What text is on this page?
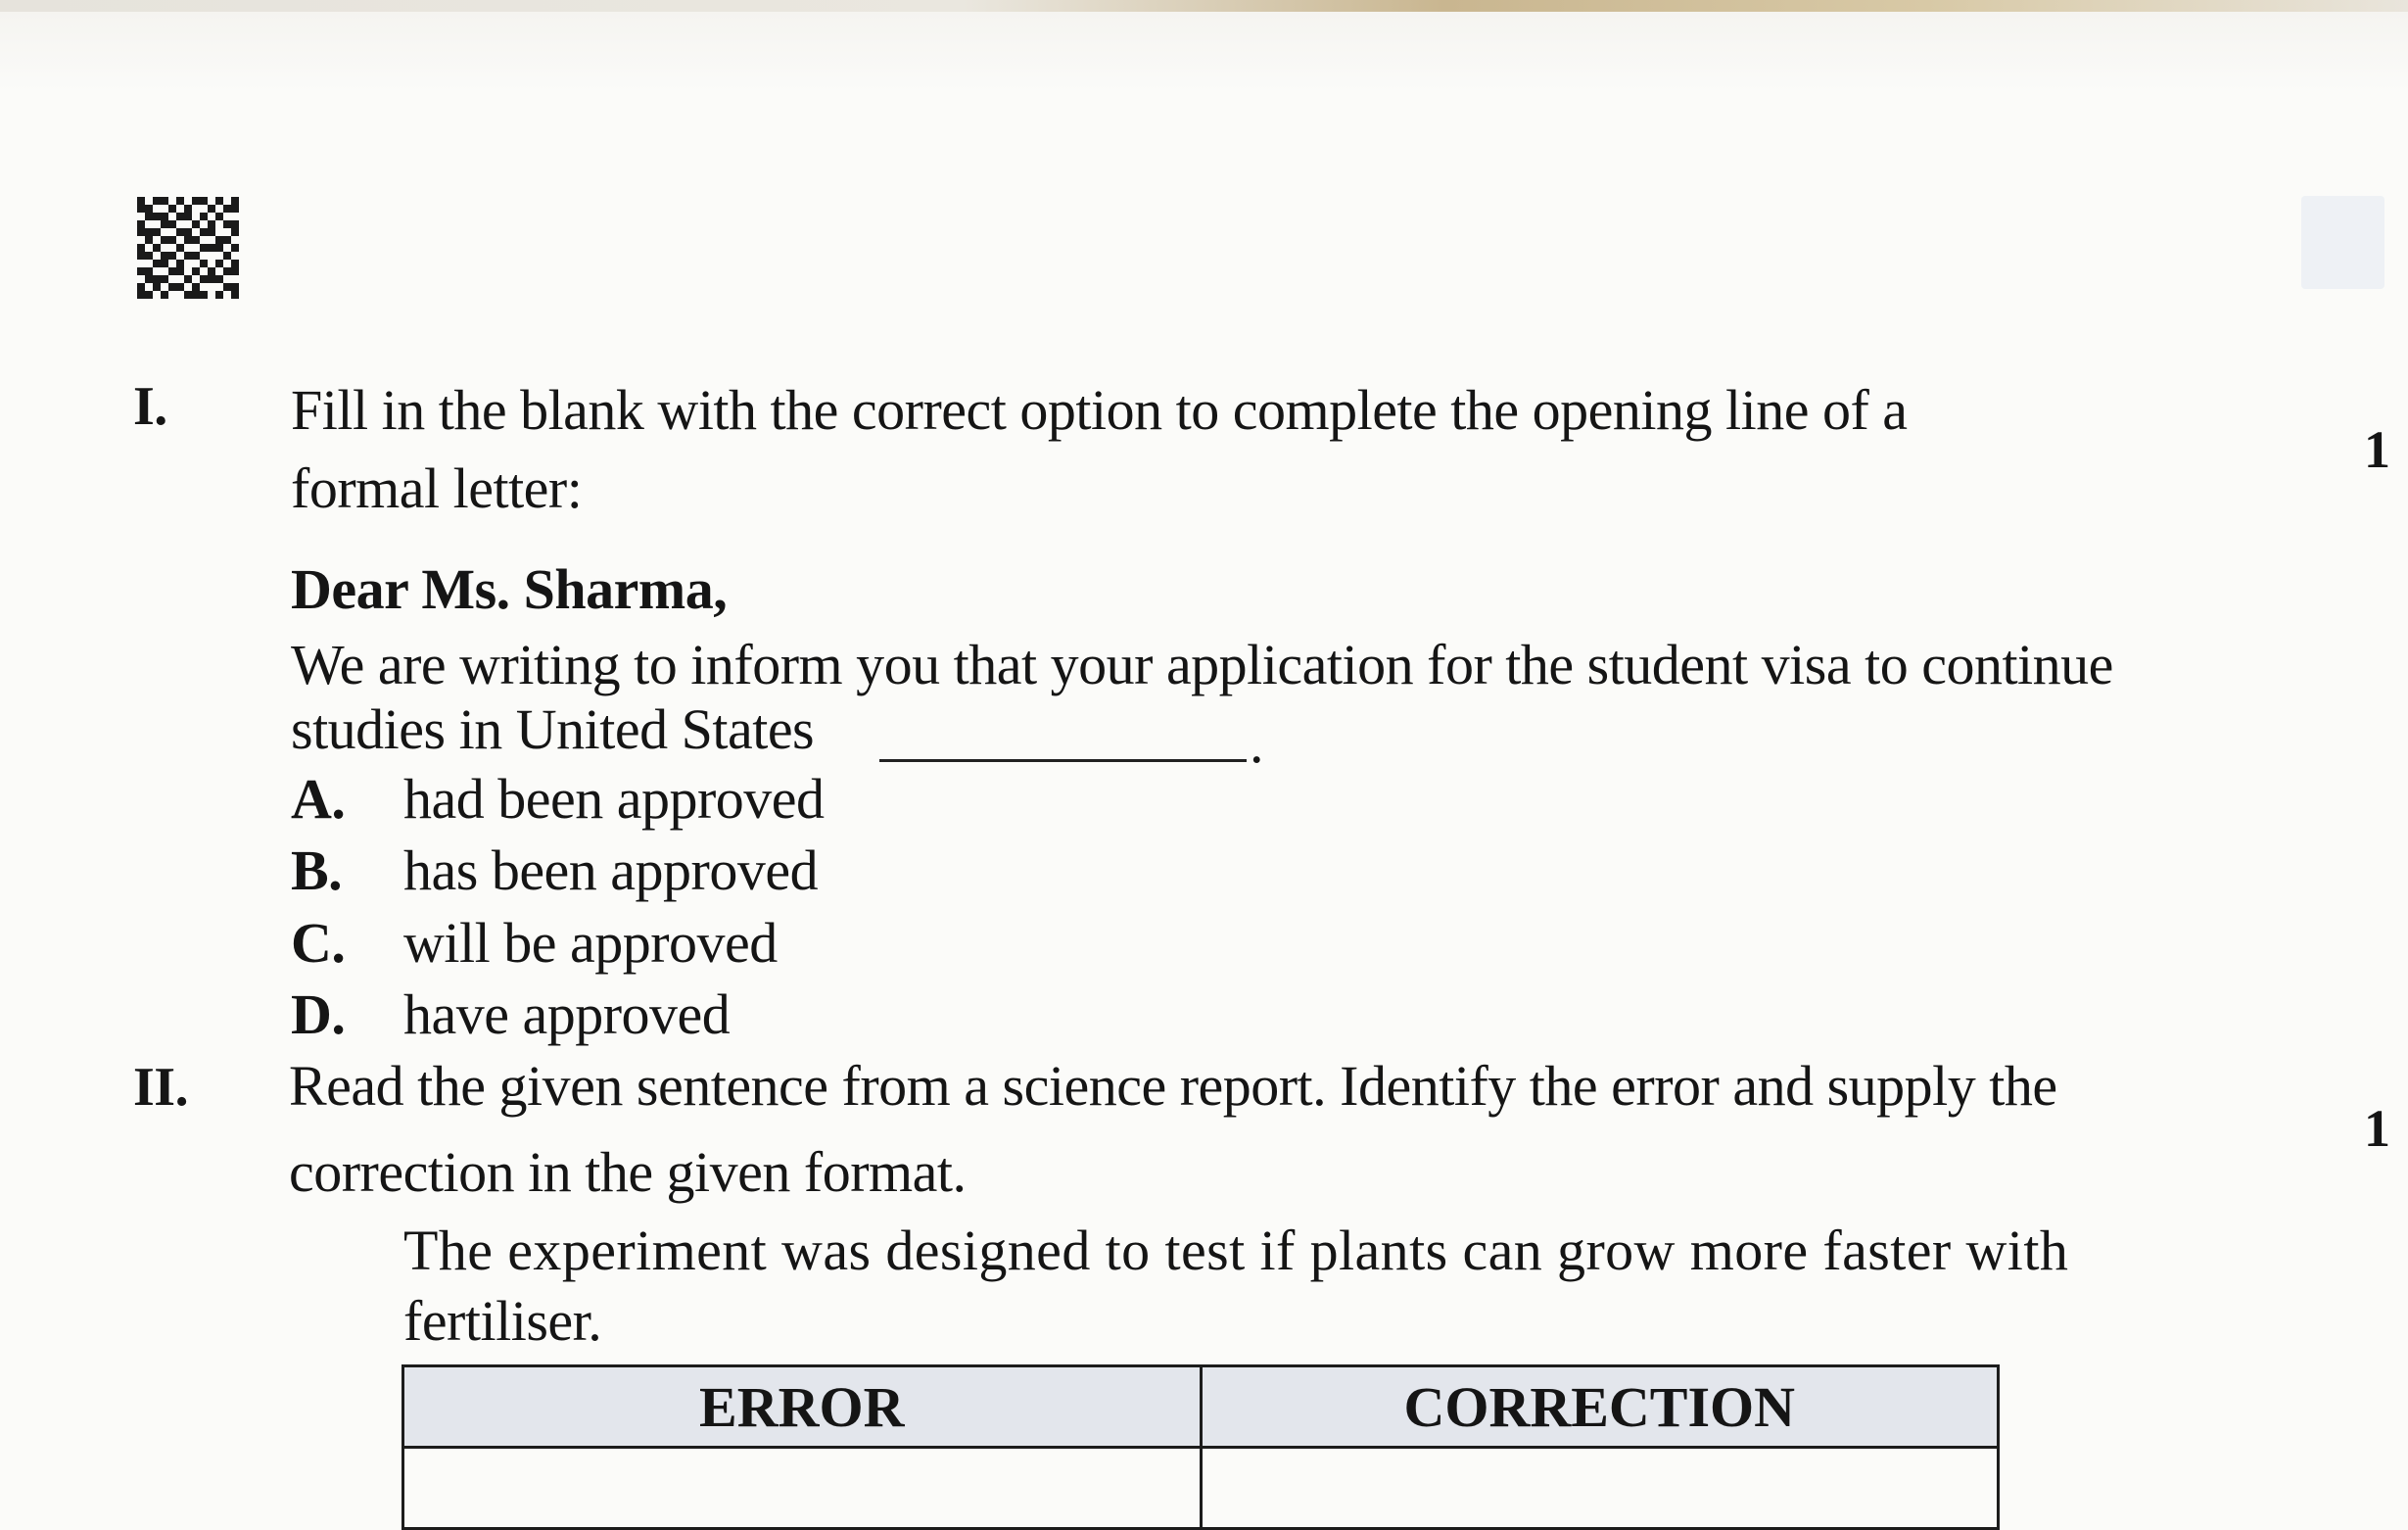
I.
1
Fill in the blank with the correct option to complete the opening line of a
formal letter:
Dear Ms. Sharma,
We are writing to inform you that your application for the student visa to continue
studies in United States	.
A. had been approved
B. has been approved
C. will be approved
D. have approved
II.
1
Read the given sentence from a science report. Identify the error and supply the
correction in the given format.
The experiment was designed to test if plants can grow more faster with
fertiliser.
ERROR	CORRECTION
